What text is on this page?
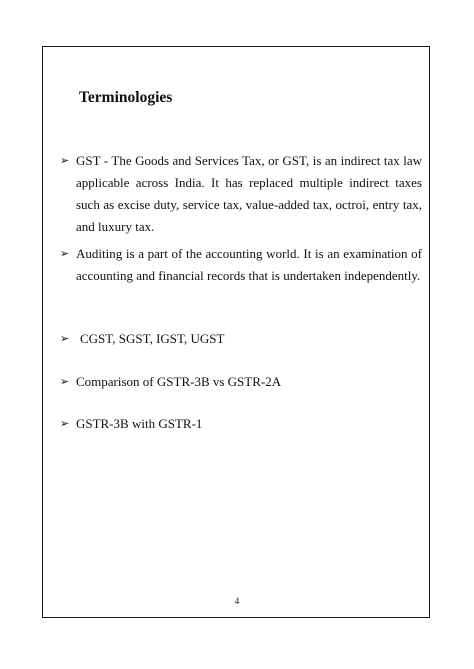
Terminologies
➢ GST - The Goods and Services Tax, or GST, is an indirect tax law applicable across India. It has replaced multiple indirect taxes such as excise duty, service tax, value-added tax, octroi, entry tax, and luxury tax.
➢ Auditing is a part of the accounting world. It is an examination of accounting and financial records that is undertaken independently.
➢ CGST, SGST, IGST, UGST
➢ Comparison of GSTR-3B vs GSTR-2A
➢ GSTR-3B with GSTR-1
4
